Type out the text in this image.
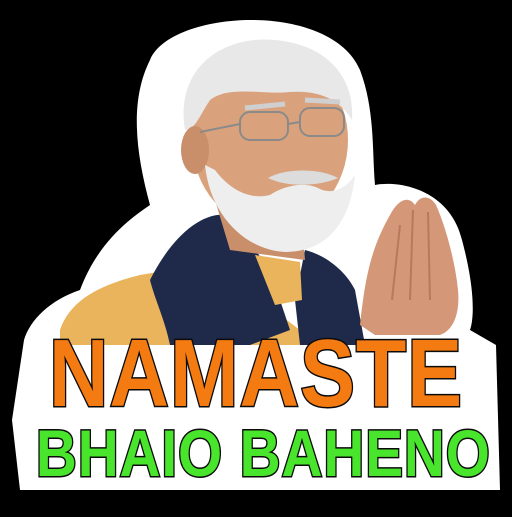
NAMASTE
BHAIO BAHENO
